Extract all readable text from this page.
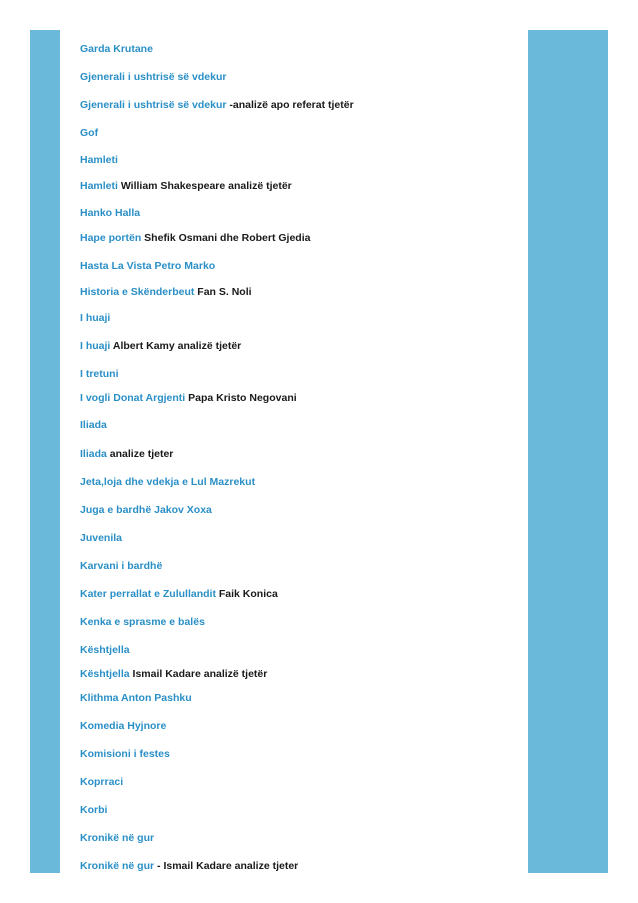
Garda Krutane
Gjenerali i ushtrisë së vdekur
Gjenerali i ushtrisë së vdekur -analizë apo referat tjetër
Gof
Hamleti
Hamleti William Shakespeare analizë tjetër
Hanko Halla
Hape portën Shefik Osmani dhe Robert Gjedia
Hasta La Vista Petro Marko
Historia e Skënderbeut Fan S. Noli
I huaji
I huaji Albert Kamy analizë tjetër
I tretuni
I vogli Donat Argjenti Papa Kristo Negovani
Iliada
Iliada analize tjeter
Jeta,loja dhe vdekja e Lul Mazrekut
Juga e bardhë Jakov Xoxa
Juvenila
Karvani i bardhë
Kater perrallat e Zulullandit Faik Konica
Kenka e sprasme e balës
Kështjella
Kështjella Ismail Kadare analizë tjetër
Klithma Anton Pashku
Komedia Hyjnore
Komisioni i festes
Koprraci
Korbi
Kronikë në gur
Kronikë në gur - Ismail Kadare analize tjeter
